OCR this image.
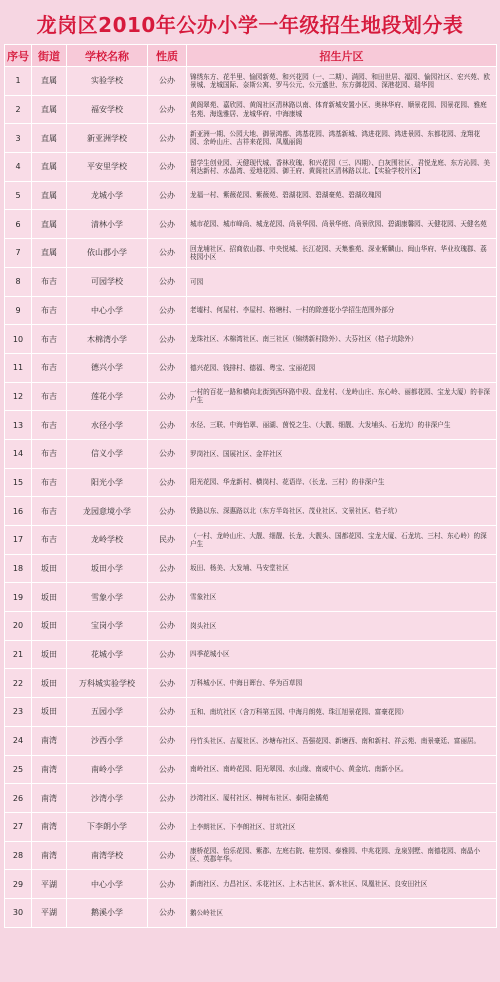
龙岗区2010年公办小学一年级招生地段划分表
序号	街道	学校名称	性质	招生片区
1	直属	实验学校	公办	锦绣东方、花半里、愉园新苑、和兴花园（一、二期）、满园、和田世居、福园、愉园社区、宏兴苑、欧景城、龙城国际、奈斯公寓、罗马公元、公元盛世、东方御花园、深港花园、瑞华园
2	直属	福安学校	公办	黄阁翠苑、嘉欣园、黄阁社区清林路以南、体育新城安置小区、奥林华府、顺景花园、园景花园、雅庭名苑、海逸雅居、龙城华府、中海康城
3	直属	新亚洲学校	公办	新亚洲一期、公园大地、御景鸿都、鸿基花园、鸿基新城、鸿进花园、鸿进景园、东都花园、龙翔花园、余岭山庄、吉祥来花园、凤凰丽阁
4	直属	平安里学校	公办	留学生创业园、天健现代城、香林玫瑰、和兴花园（三、四期）、白灰围社区、君悦龙庭、东方沁园、美利达新村、水晶湾、爱地花园、御王府、黄阁社区清林路以北、【实验学校片区】
5	直属	龙城小学	公办	龙福一村、紫薇花园、紫薇苑、碧湖花园、碧湖豪苑、碧湖玫瑰园
6	直属	清林小学	公办	城市花园、城市峰尚、城龙花园、尚景华园、尚景华庭、尚景欣园、碧湖康馨园、天健花园、天健名苑
7	直属	依山郡小学	公办	回龙埔社区、招商依山郡、中央悦城、长江花园、天集雅苑、深业紫麟山、闽山华府、华业玫瑰郡、荔枝园小区
8	布吉	可园学校	公办	可园
9	布吉	中心小学	公办	老墟村、何屋村、李屋村、格塘村、一村的除莲花小学招生范围外部分
10	布吉	木棉湾小学	公办	龙珠社区、木棉湾社区、南三社区（锦绣新村除外）、大芬社区（桔子坑除外）
11	布吉	德兴小学	公办	德兴花园、钱排村、德福、粤宝、宝丽花园
12	布吉	莲花小学	公办	一村的百花一路和横向北街到西环路中段、盘龙村、（龙岭山庄、东心岭、丽都花园、宝龙大厦）的非深户生
13	布吉	水径小学	公办	水径、三联、中海怡翠、丽湖、茵悦之生、（大靓、细靓、大发埔头、石龙坑）的非深户生
14	布吉	信义小学	公办	罗岗社区、国展社区、金祥社区
15	布吉	阳光小学	公办	阳光花园、华龙新村、横岗村、花语岸、（长龙、三村）的非深户生
16	布吉	龙园意境小学	公办	铁路以东、深惠路以北（东方半岛社区、茂业社区、文景社区、桔子坑）
17	布吉	龙岭学校	民办	（一村、龙岭山庄、大靓、细靓、长龙、大靓头、国都花园、宝龙大厦、石龙坑、三村、东心岭）的深户生
18	坂田	坂田小学	公办	坂田、杨美、大发埔、马安堂社区
19	坂田	雪象小学	公办	雪象社区
20	坂田	宝岗小学	公办	岗头社区
21	坂田	花城小学	公办	四季花城小区
22	坂田	万科城实验学校	公办	万科城小区、中海日晖台、华为百草园
23	坂田	五园小学	公办	五和、南坑社区（含万科第五园、中海月朗苑、珠江旭景花园、富豪花园）
24	南湾	沙西小学	公办	丹竹头社区、吉厦社区、沙塘布社区、吾强花园、新塘西、南和新村、祥云苑、南景豪廷、富丽居。
25	南湾	南岭小学	公办	南岭社区、南岭花园、阳光翠园、水山缘、南威中心、黄金坑、南新小区。
26	南湾	沙湾小学	公办	沙湾社区、厦村社区、樟树布社区、泰阳金橘苑
27	南湾	下李朗小学	公办	上李朗社区、下李朗社区、甘坑社区
28	南湾	南湾学校	公办	康桥花园、怡乐花园、紫郡、左庭右院、桂芳园、泰雅园、中兆花园、龙泉别墅、南德花园、南晶小区、英郡年华。
29	平湖	中心小学	公办	新南社区、力昌社区、禾花社区、上木古社区、新木社区、凤凰社区、良安田社区
30	平湖	鹅溪小学	公办	鹅公岭社区
